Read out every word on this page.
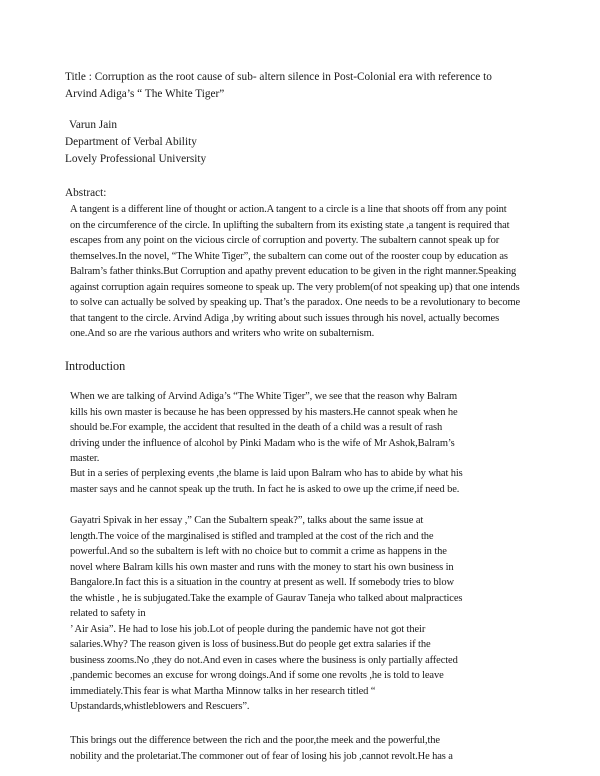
Title : Corruption as the root cause of sub- altern silence in Post-Colonial era with reference to
Arvind Adiga’s “ The White Tiger”
Varun Jain
Department of Verbal Ability
Lovely Professional University
Abstract:
A tangent is a different line of thought or action.A tangent to a circle is a line that shoots off from any point
on the circumference of the circle. In uplifting the subaltern from its existing state ,a tangent is required that
escapes from any point on the vicious circle of corruption and poverty. The subaltern cannot speak up for
themselves.In the novel, “The White Tiger”, the subaltern can come out of the rooster coup by education as
Balram’s father thinks.But Corruption and apathy prevent education to be given in the right manner.Speaking
against corruption again requires someone to speak up. The very problem(of not speaking up) that one intends
to solve can actually be solved by speaking up. That’s the paradox. One needs to be a revolutionary to become
that tangent to the circle. Arvind Adiga ,by writing about such issues through his novel, actually becomes
one.And so are rhe various authors and writers who write on subalternism.
Introduction
When we are talking of Arvind Adiga’s “The White Tiger”, we see that the reason why Balram
kills his own master is because he has been oppressed by his masters.He cannot speak when he
should be.For example, the accident that resulted in the death of a child was a result of rash
driving under the influence of alcohol by Pinki Madam who is the wife of Mr Ashok,Balram’s
master.
But in a series of perplexing events ,the blame is laid upon Balram who has to abide by what his
master says and he cannot speak up the truth. In fact he is asked to owe up the crime,if need be.
Gayatri Spivak in her essay ,” Can the Subaltern speak?”, talks about the same issue at
length.The voice of the marginalised is stifled and trampled at the cost of the rich and the
powerful.And so the subaltern is left with no choice but to commit a crime as happens in the
novel where Balram kills his own master and runs with the money to start his own business in
Bangalore.In fact this is a situation in the country at present as well. If somebody tries to blow
the whistle , he is subjugated.Take the example of Gaurav Taneja who talked about malpractices
related to safety in
’ Air Asia”. He had to lose his job.Lot of people during the pandemic have not got their
salaries.Why? The reason given is loss of business.But do people get extra salaries if the
business zooms.No ,they do not.And even in cases where the business is only partially affected
,pandemic becomes an excuse for wrong doings.And if some one revolts ,he is told to leave
immediately.This fear is what Martha Minnow talks in her research titled “
Upstandards,whistleblowers and Rescuers”.
This brings out the difference between the rich and the poor,the meek and the powerful,the
nobility and the proletariat.The commoner out of fear of losing his job ,cannot revolt.He has a
